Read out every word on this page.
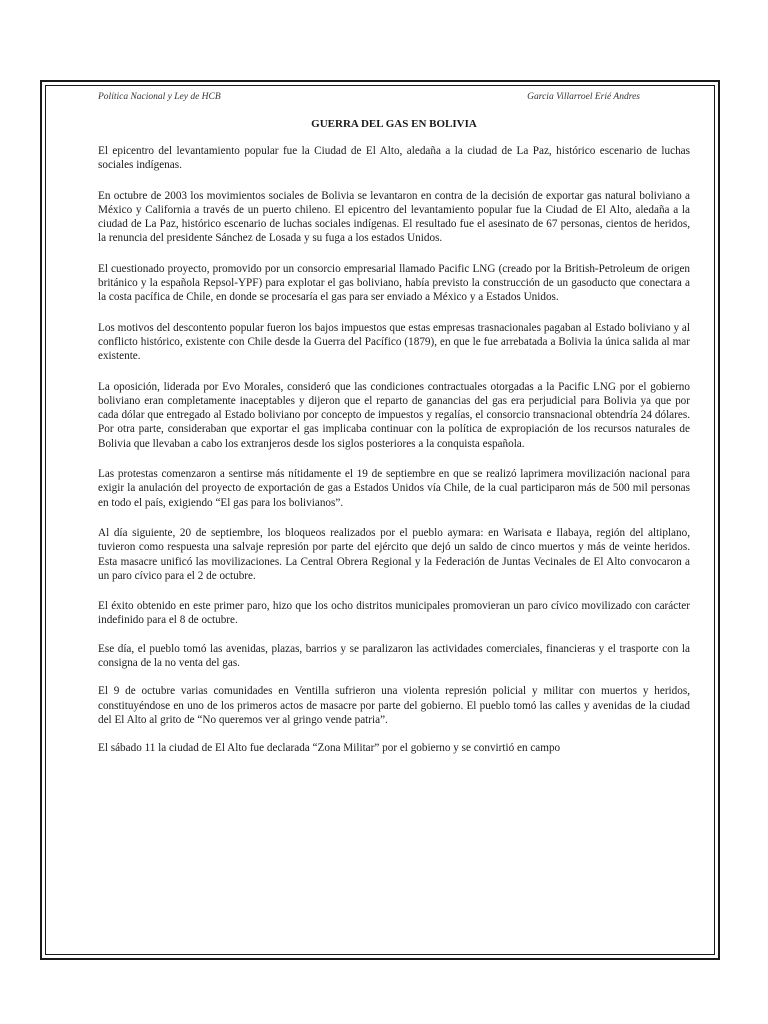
Política Nacional y Ley de HCB	Garcia Villarroel Erié Andres
GUERRA DEL GAS EN BOLIVIA

El epicentro del levantamiento popular fue la Ciudad de El Alto, aledaña a la ciudad de La Paz, histórico escenario de luchas sociales indígenas.

En octubre de 2003 los movimientos sociales de Bolivia se levantaron en contra de la decisión de exportar gas natural boliviano a México y California a través de un puerto chileno. El epicentro del levantamiento popular fue la Ciudad de El Alto, aledaña a la ciudad de La Paz, histórico escenario de luchas sociales indígenas. El resultado fue el asesinato de 67 personas, cientos de heridos, la renuncia del presidente Sánchez de Losada y su fuga a los estados Unidos.

El cuestionado proyecto, promovido por un consorcio empresarial llamado Pacific LNG (creado por la British-Petroleum de origen británico y la española Repsol-YPF) para explotar el gas boliviano, había previsto la construcción de un gasoducto que conectara a la costa pacífica de Chile, en donde se procesaría el gas para ser enviado a México y a Estados Unidos.

Los motivos del descontento popular fueron los bajos impuestos que estas empresas trasnacionales pagaban al Estado boliviano y al conflicto histórico, existente con Chile desde la Guerra del Pacífico (1879), en que le fue arrebatada a Bolivia la única salida al mar existente.

La oposición, liderada por Evo Morales, consideró que las condiciones contractuales otorgadas a la Pacific LNG por el gobierno boliviano eran completamente inaceptables y dijeron que el reparto de ganancias del gas era perjudicial para Bolivia ya que por cada dólar que entregado al Estado boliviano por concepto de impuestos y regalías, el consorcio transnacional obtendría 24 dólares. Por otra parte, consideraban que exportar el gas implicaba continuar con la política de expropiación de los recursos naturales de Bolivia que llevaban a cabo los extranjeros desde los siglos posteriores a la conquista española.

Las protestas comenzaron a sentirse más nítidamente el 19 de septiembre en que se realizó laprimera movilización nacional para exigir la anulación del proyecto de exportación de gas a Estados Unidos vía Chile, de la cual participaron más de 500 mil personas en todo el país, exigiendo “El gas para los bolivianos”.

Al día siguiente, 20 de septiembre, los bloqueos realizados por el pueblo aymara: en Warisata e Ilabaya, región del altiplano, tuvieron como respuesta una salvaje represión por parte del ejército que dejó un saldo de cinco muertos y más de veinte heridos. Esta masacre unificó las movilizaciones. La Central Obrera Regional y la Federación de Juntas Vecinales de El Alto convocaron a un paro cívico para el 2 de octubre.

El éxito obtenido en este primer paro, hizo que los ocho distritos municipales promovieran un paro cívico movilizado con carácter indefinido para el 8 de octubre.

Ese día, el pueblo tomó las avenidas, plazas, barrios y se paralizaron las actividades comerciales, financieras y el trasporte con la consigna de la no venta del gas.

El 9 de octubre varias comunidades en Ventilla sufrieron una violenta represión policial y militar con muertos y heridos, constituyéndose en uno de los primeros actos de masacre por parte del gobierno. El pueblo tomó las calles y avenidas de la ciudad del El Alto al grito de “No queremos ver al gringo vende patria”.

El sábado 11 la ciudad de El Alto fue declarada “Zona Militar” por el gobierno y se convirtió en campo
